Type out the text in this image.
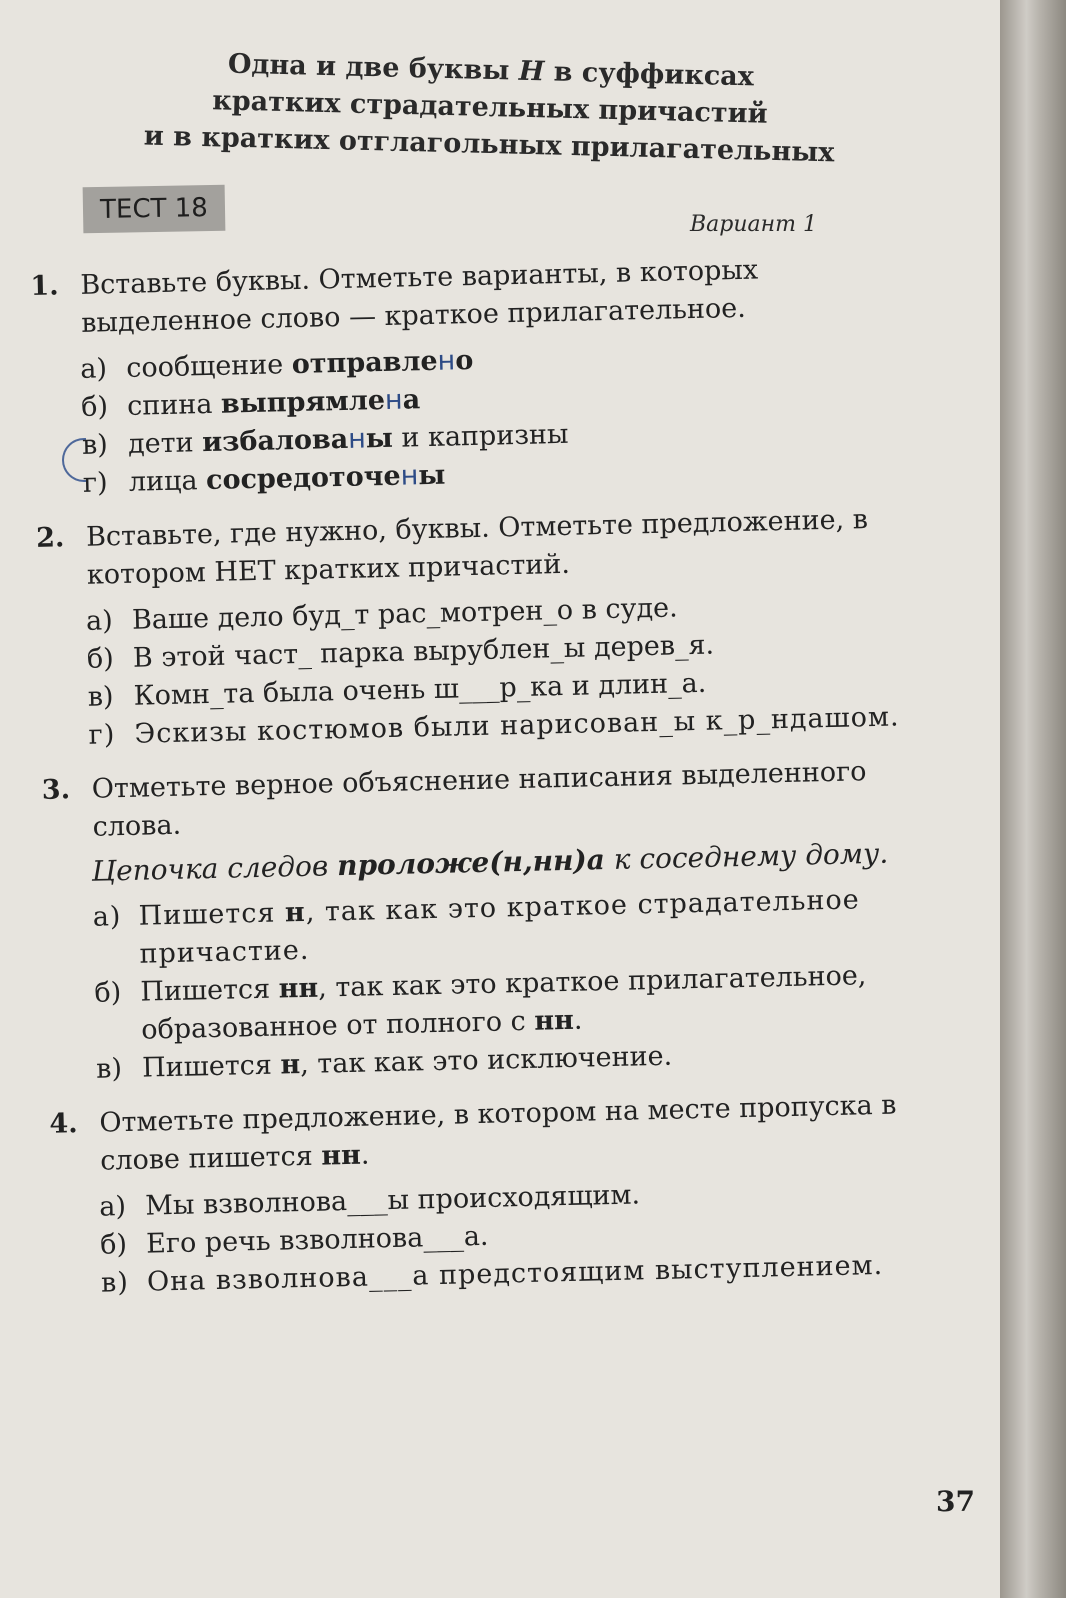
Одна и две буквы Н в суффиксах
кратких страдательных причастий
и в кратких отглагольных прилагательных
ТЕСТ 18	Вариант 1
1. Вставьте буквы. Отметьте варианты, в которых выделенное слово — краткое прилагательное.
а) сообщение отправлено
б) спина выпрямлена
в) дети избалованы и капризны
г) лица сосредоточены
2. Вставьте, где нужно, буквы. Отметьте предложение, в котором НЕТ кратких причастий.
а) Ваше дело буд_т рас_мотрен_о в суде.
б) В этой част_ парка вырублен_ы дерев_я.
в) Комн_та была очень ш___р_ка и длин_а.
г) Эскизы костюмов были нарисован_ы к_р_ндашом.
3. Отметьте верное объяснение написания выделенного слова.
Цепочка следов проложе(н,нн)а к соседнему дому.
а) Пишется н, так как это краткое страдательное причастие.
б) Пишется нн, так как это краткое прилагательное, образованное от полного с нн.
в) Пишется н, так как это исключение.
4. Отметьте предложение, в котором на месте пропуска в слове пишется нн.
а) Мы взволнова___ы происходящим.
б) Его речь взволнова___а.
в) Она взволнова___а предстоящим выступлением.
37
